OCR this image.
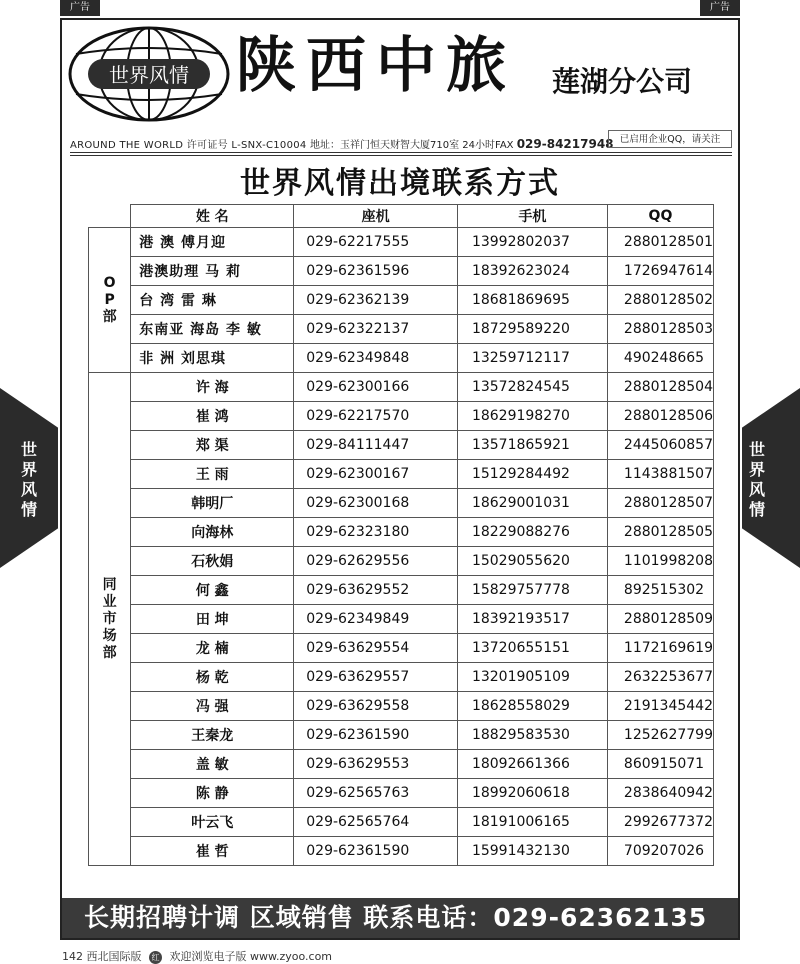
广告	广告
世界风情
世界风情
世界风情 陕西中旅 莲湖分公司
AROUND THE WORLD 许可证号 L-SNX-C10004 地址：玉祥门恒天财智大厦710室 24小时FAX 029-84217948 已启用企业QQ，请关注
世界风情出境联系方式
	姓 名	座机	手机	QQ
OP部	港 澳 傅月迎	029-62217555	13992802037	2880128501
	港澳助理 马 莉	029-62361596	18392623024	1726947614
	台 湾 雷 琳	029-62362139	18681869695	2880128502
	东南亚 海岛 李 敏	029-62322137	18729589220	2880128503
	非 洲 刘思琪	029-62349848	13259712117	490248665
同业市场部	许 海	029-62300166	13572824545	2880128504
	崔 鸿	029-62217570	18629198270	2880128506
	郑 渠	029-84111447	13571865921	2445060857
	王 雨	029-62300167	15129284492	1143881507
	韩明厂	029-62300168	18629001031	2880128507
	向海林	029-62323180	18229088276	2880128505
	石秋娟	029-62629556	15029055620	1101998208
	何 鑫	029-63629552	15829757778	892515302
	田 坤	029-62349849	18392193517	2880128509
	龙 楠	029-63629554	13720655151	1172169619
	杨 乾	029-63629557	13201905109	2632253677
	冯 强	029-63629558	18628558029	2191345442
	王秦龙	029-62361590	18829583530	1252627799
	盖 敏	029-63629553	18092661366	860915071
	陈 静	029-62565763	18992060618	2838640942
	叶云飞	029-62565764	18191006165	2992677372
	崔 哲	029-62361590	15991432130	709207026
长期招聘计调 区域销售 联系电话：029-62362135
142 西北国际版 红 欢迎浏览电子版 www.zyoo.com
